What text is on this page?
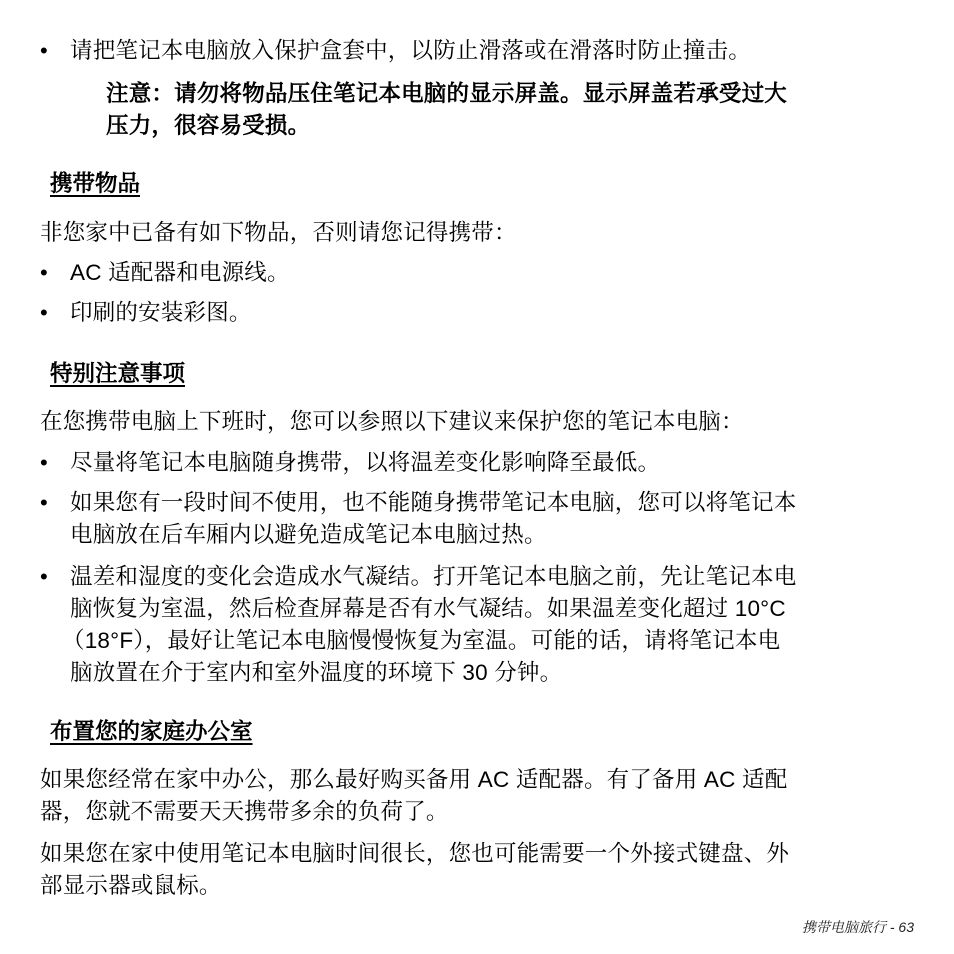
• 请把笔记本电脑放入保护盒套中，以防止滑落或在滑落时防止撞击。
注意：请勿将物品压住笔记本电脑的显示屏盖。显示屏盖若承受过大
压力，很容易受损。
携带物品
非您家中已备有如下物品，否则请您记得携带：
• AC 适配器和电源线。
• 印刷的安装彩图。
特别注意事项
在您携带电脑上下班时，您可以参照以下建议来保护您的笔记本电脑：
• 尽量将笔记本电脑随身携带，以将温差变化影响降至最低。
• 如果您有一段时间不使用，也不能随身携带笔记本电脑，您可以将笔记本
电脑放在后车厢内以避免造成笔记本电脑过热。
• 温差和湿度的变化会造成水气凝结。打开笔记本电脑之前，先让笔记本电
脑恢复为室温，然后检查屏幕是否有水气凝结。如果温差变化超过 10°C
（18°F），最好让笔记本电脑慢慢恢复为室温。可能的话，请将笔记本电
脑放置在介于室内和室外温度的环境下 30 分钟。
布置您的家庭办公室
如果您经常在家中办公，那么最好购买备用 AC 适配器。有了备用 AC 适配
器，您就不需要天天携带多余的负荷了。
如果您在家中使用笔记本电脑时间很长，您也可能需要一个外接式键盘、外
部显示器或鼠标。
携带电脑旅行 - 63
